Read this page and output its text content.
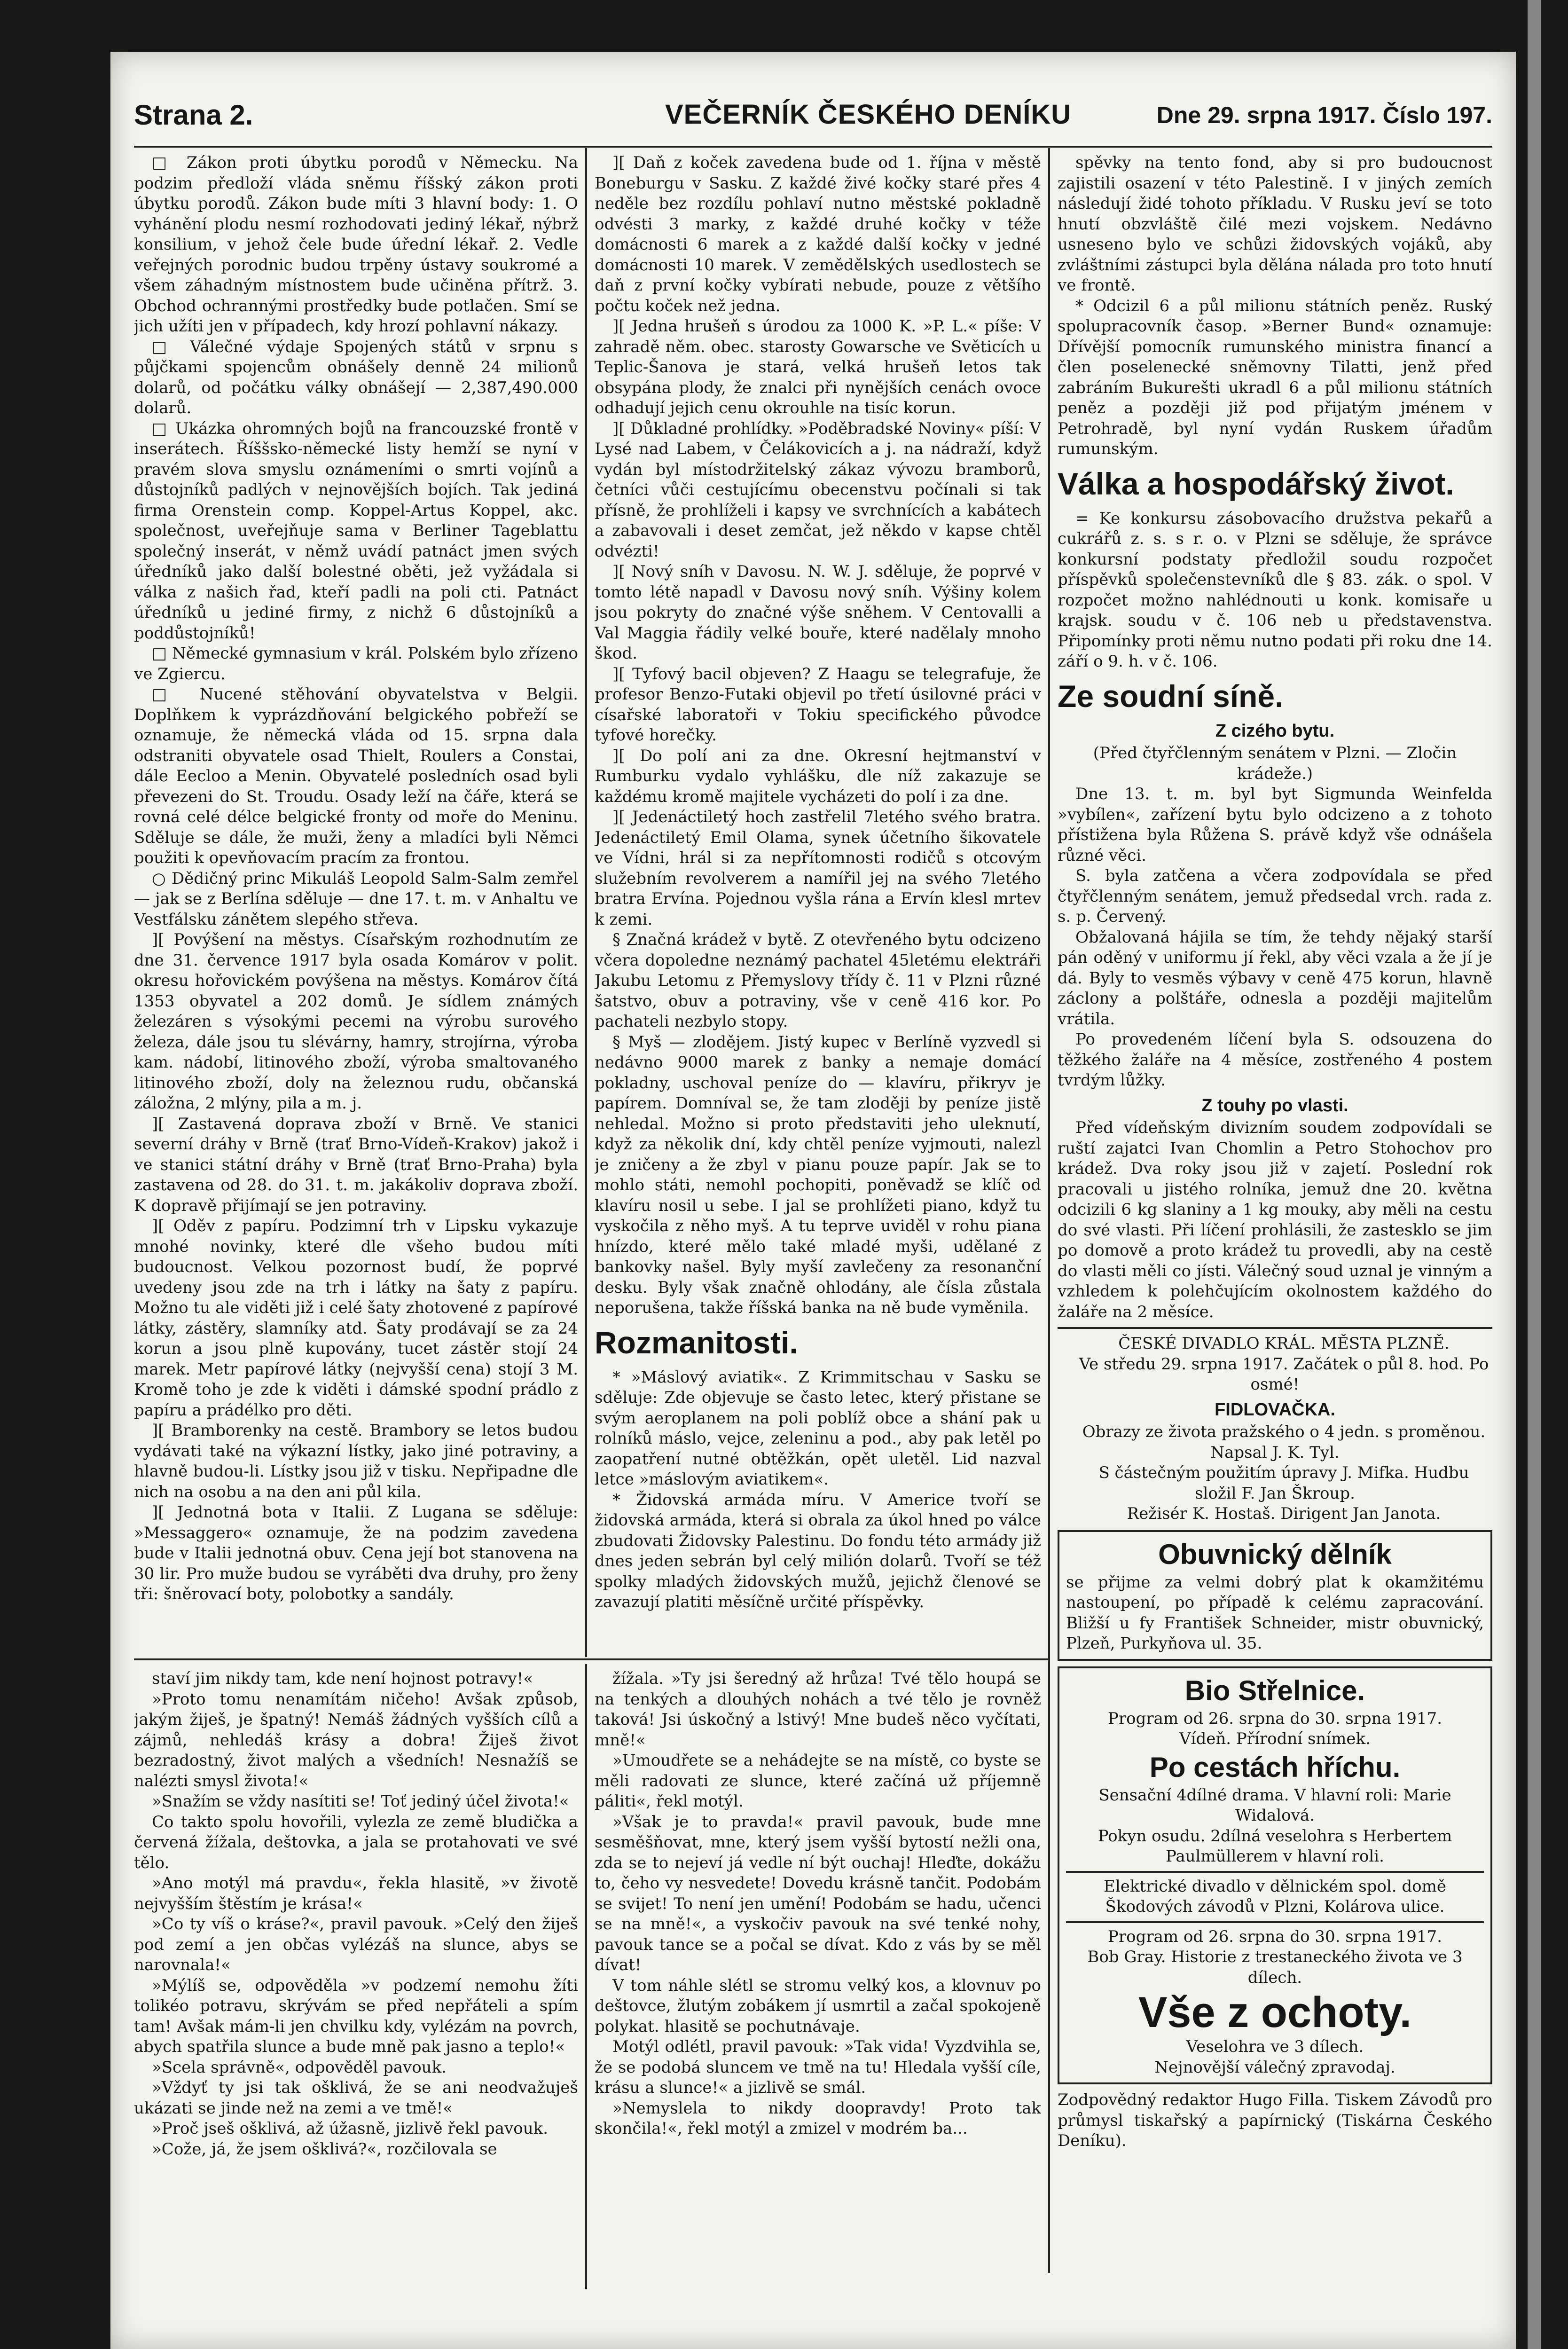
Strana 2.	VEČERNÍK ČESKÉHO DENÍKU	Dne 29. srpna 1917. Číslo 197.

□ Zákon proti úbytku porodů v Německu. Na podzim předloží vláda sněmu říšský zákon proti úbytku porodů. Zákon bude míti 3 hlavní body: 1. O vyhánění plodu nesmí rozhodovati jediný lékař, nýbrž konsilium, v jehož čele bude úřední lékař. 2. Vedle veřejných porodnic budou trpěny ústavy soukromé a všem záhadným místnostem bude učiněna přítrž. 3. Obchod ochrannými prostředky bude potlačen. Smí se jich užíti jen v případech, kdy hrozí pohlavní nákazy.

□ Válečné výdaje Spojených států v srpnu s půjčkami spojencům obnášely denně 24 milionů dolarů, od počátku války obnášejí — 2,387,490.000 dolarů.

□ Ukázka ohromných bojů na francouzské frontě v inserátech. Říššsko-německé listy hemží se nyní v pravém slova smyslu oznámeními o smrti vojínů a důstojníků padlých v nejnovějších bojích. Tak jediná firma Orenstein comp. Koppel-Artus Koppel, akc. společnost, uveřejňuje sama v Berliner Tageblattu společný inserát, v němž uvádí patnáct jmen svých úředníků jako další bolestné oběti, jež vyžádala si válka z našich řad, kteří padli na poli cti. Patnáct úředníků u jediné firmy, z nichž 6 důstojníků a poddůstojníků!

□ Německé gymnasium v král. Polském bylo zřízeno ve Zgiercu.

□ Nucené stěhování obyvatelstva v Belgii. Doplňkem k vyprázdňování belgického pobřeží se oznamuje, že německá vláda od 15. srpna dala odstraniti obyvatele osad Thielt, Roulers a Constai, dále Eecloo a Menin. Obyvatelé posledních osad byli převezeni do St. Troudu. Osady leží na čáře, která se rovná celé délce belgické fronty od moře do Meninu. Sděluje se dále, že muži, ženy a mladíci byli Němci použiti k opevňovacím pracím za frontou.

○ Dědičný princ Mikuláš Leopold Salm-Salm zemřel — jak se z Berlína sděluje — dne 17. t. m. v Anhaltu ve Vestfálsku zánětem slepého střeva.

][ Povýšení na městys. Císařským rozhodnutím ze dne 31. července 1917 byla osada Komárov v polit. okresu hořovickém povýšena na městys. Komárov čítá 1353 obyvatel a 202 domů. Je sídlem známých železáren s výsokými pecemi na výrobu surového železa, dále jsou tu slévárny, hamry, strojírna, výroba kam. nádobí, litinového zboží, výroba smaltovaného litinového zboží, doly na železnou rudu, občanská záložna, 2 mlýny, pila a m. j.

][ Zastavená doprava zboží v Brně. Ve stanici severní dráhy v Brně (trať Brno-Vídeň-Krakov) jakož i ve stanici státní dráhy v Brně (trať Brno-Praha) byla zastavena od 28. do 31. t. m. jakákoliv doprava zboží. K dopravě přijímají se jen potraviny.

][ Oděv z papíru. Podzimní trh v Lipsku vykazuje mnohé novinky, které dle všeho budou míti budoucnost. Velkou pozornost budí, že poprvé uvedeny jsou zde na trh i látky na šaty z papíru. Možno tu ale viděti již i celé šaty zhotovené z papírové látky, zástěry, slamníky atd. Šaty prodávají se za 24 korun a jsou plně kupovány, tucet zástěr stojí 24 marek. Metr papírové látky (nejvyšší cena) stojí 3 M. Kromě toho je zde k viděti i dámské spodní prádlo z papíru a prádélko pro děti.

][ Bramborenky na cestě. Brambory se letos budou vydávati také na výkazní lístky, jako jiné potraviny, a hlavně budou-li. Lístky jsou již v tisku. Nepřipadne dle nich na osobu a na den ani půl kila.

][ Jednotná bota v Italii. Z Lugana se sděluje: »Messaggero« oznamuje, že na podzim zavedena bude v Italii jednotná obuv. Cena její bot stanovena na 30 lir. Pro muže budou se vyráběti dva druhy, pro ženy tři: šněrovací boty, polobotky a sandály.

][ Daň z koček zavedena bude od 1. října v městě Boneburgu v Sasku. Z každé živé kočky staré přes 4 neděle bez rozdílu pohlaví nutno městské pokladně odvésti 3 marky, z každé druhé kočky v téže domácnosti 6 marek a z každé další kočky v jedné domácnosti 10 marek. V zemědělských usedlostech se daň z první kočky vybírati nebude, pouze z většího počtu koček než jedna.

][ Jedna hrušeň s úrodou za 1000 K. »P. L.« píše: V zahradě něm. obec. starosty Gowarsche ve Světicích u Teplic-Šanova je stará, velká hrušeň letos tak obsypána plody, že znalci při nynějších cenách ovoce odhadují jejich cenu okrouhle na tisíc korun.

][ Důkladné prohlídky. »Poděbradské Noviny« píší: V Lysé nad Labem, v Čelákovicích a j. na nádraží, když vydán byl místodržitelský zákaz vývozu bramborů, četníci vůči cestujícímu obecenstvu počínali si tak přísně, že prohlíželi i kapsy ve svrchnících a kabátech a zabavovali i deset zemčat, jež někdo v kapse chtěl odvézti!

][ Nový sníh v Davosu. N. W. J. sděluje, že poprvé v tomto létě napadl v Davosu nový sníh. Výšiny kolem jsou pokryty do značné výše sněhem. V Centovalli a Val Maggia řádily velké bouře, které nadělaly mnoho škod.

][ Tyfový bacil objeven? Z Haagu se telegrafuje, že profesor Benzo-Futaki objevil po třetí úsilovné práci v císařské laboratoři v Tokiu specifického původce tyfové horečky.

][ Do polí ani za dne. Okresní hejtmanství v Rumburku vydalo vyhlášku, dle níž zakazuje se každému kromě majitele vycházeti do polí i za dne.

][ Jedenáctiletý hoch zastřelil 7letého svého bratra. Jedenáctiletý Emil Olama, synek účetního šikovatele ve Vídni, hrál si za nepřítomnosti rodičů s otcovým služebním revolverem a namířil jej na svého 7letého bratra Ervína. Pojednou vyšla rána a Ervín klesl mrtev k zemi.

§ Značná krádež v bytě. Z otevřeného bytu odcizeno včera dopoledne neznámý pachatel 45letému elektráři Jakubu Letomu z Přemyslovy třídy č. 11 v Plzni různé šatstvo, obuv a potraviny, vše v ceně 416 kor. Po pachateli nezbylo stopy.

§ Myš — zlodějem. Jistý kupec v Berlíně vyzvedl si nedávno 9000 marek z banky a nemaje domácí pokladny, uschoval peníze do — klavíru, přikryv je papírem. Domníval se, že tam zloději by peníze jistě nehledal. Možno si proto představiti jeho uleknutí, když za několik dní, kdy chtěl peníze vyjmouti, nalezl je zničeny a že zbyl v pianu pouze papír. Jak se to mohlo státi, nemohl pochopiti, poněvadž se klíč od klavíru nosil u sebe. I jal se prohlížeti piano, když tu vyskočila z něho myš. A tu teprve uviděl v rohu piana hnízdo, které mělo také mladé myši, udělané z bankovky našel. Byly myší zavlečeny za resonanční desku. Byly však značně ohlodány, ale čísla zůstala neporušena, takže říšská banka na ně bude vyměnila.

Rozmanitosti.

* »Máslový aviatik«. Z Krimmitschau v Sasku se sděluje: Zde objevuje se často letec, který přistane se svým aeroplanem na poli poblíž obce a shání pak u rolníků máslo, vejce, zeleninu a pod., aby pak letěl po zaopatření nutné obtěžkán, opět uletěl. Lid nazval letce »máslovým aviatikem«.

* Židovská armáda míru. V Americe tvoří se židovská armáda, která si obrala za úkol hned po válce zbudovati Židovsky Palestinu. Do fondu této armády již dnes jeden sebrán byl celý milión dolarů. Tvoří se též spolky mladých židovských mužů, jejichž členové se zavazují platiti měsíčně určité příspěvky.

spěvky na tento fond, aby si pro budoucnost zajistili osazení v této Palestině. I v jiných zemích následují židé tohoto příkladu. V Rusku jeví se toto hnutí obzvláště čilé mezi vojskem. Nedávno usneseno bylo ve schůzi židovských vojáků, aby zvláštními zástupci byla dělána nálada pro toto hnutí ve frontě.

* Odcizil 6 a půl milionu státních peněz. Ruský spolupracovník časop. »Berner Bund« oznamuje: Dřívější pomocník rumunského ministra financí a člen poselenecké sněmovny Tilatti, jenž před zabráním Bukurešti ukradl 6 a půl milionu státních peněz a později již pod přijatým jménem v Petrohradě, byl nyní vydán Ruskem úřadům rumunským.

Válka a hospodářský život.

= Ke konkursu zásobovacího družstva pekařů a cukrářů z. s. s r. o. v Plzni se sděluje, že správce konkursní podstaty předložil soudu rozpočet příspěvků společenstevníků dle § 83. zák. o spol. V rozpočet možno nahlédnouti u konk. komisaře u krajsk. soudu v č. 106 neb u představenstva. Připomínky proti němu nutno podati při roku dne 14. září o 9. h. v č. 106.

Ze soudní síně.
Z cizého bytu.

(Před čtyřčlenným senátem v Plzni. — Zločin krádeže.)

Dne 13. t. m. byl byt Sigmunda Weinfelda »vybílen«, zařízení bytu bylo odcizeno a z tohoto přístižena byla Růžena S. právě když vše odnášela různé věci.

S. byla zatčena a včera zodpovídala se před čtyřčlenným senátem, jemuž předsedal vrch. rada z. s. p. Červený.

Obžalovaná hájila se tím, že tehdy nějaký starší pán oděný v uniformu jí řekl, aby věci vzala a že jí je dá. Byly to vesměs výbavy v ceně 475 korun, hlavně záclony a polštáře, odnesla a později majitelům vrátila.

Po provedeném líčení byla S. odsouzena do těžkého žaláře na 4 měsíce, zostřeného 4 postem tvrdým lůžky.

Z touhy po vlasti.

Před vídeňským divizním soudem zodpovídali se ruští zajatci Ivan Chomlin a Petro Stohochov pro krádež. Dva roky jsou již v zajetí. Poslední rok pracovali u jistého rolníka, jemuž dne 20. května odcizili 6 kg slaniny a 1 kg mouky, aby měli na cestu do své vlasti. Při líčení prohlásili, že zastesklo se jim po domově a proto krádež tu provedli, aby na cestě do vlasti měli co jísti. Válečný soud uznal je vinným a vzhledem k polehčujícím okolnostem každého do žaláře na 2 měsíce.

ČESKÉ DIVADLO KRÁL. MĚSTA PLZNĚ.

Ve středu 29. srpna 1917. Začátek o půl 8. hod. Po osmé!

FIDLOVAČKA.

Obrazy ze života pražského o 4 jedn. s proměnou. Napsal J. K. Tyl.

S částečným použitím úpravy J. Mifka. Hudbu složil F. Jan Škroup.

Režisér K. Hostaš. Dirigent Jan Janota.

Obuvnický dělník

se přijme za velmi dobrý plat k okamžitému nastoupení, po případě k celému zapracování. Bližší u fy František Schneider, mistr obuvnický, Plzeň, Purkyňova ul. 35.

Bio Střelnice.

Program od 26. srpna do 30. srpna 1917.

Vídeň. Přírodní snímek.

Po cestách hříchu.

Sensační 4dílné drama. V hlavní roli: Marie Widalová.

Pokyn osudu. 2dílná veselohra s Herbertem Paulmüllerem v hlavní roli.

Elektrické divadlo v dělnickém spol. domě Škodových závodů v Plzni, Kolárova ulice.

Program od 26. srpna do 30. srpna 1917.

Bob Gray. Historie z trestaneckého života ve 3 dílech.

Vše z ochoty.

Veselohra ve 3 dílech.

Nejnovější válečný zpravodaj.

Zodpovědný redaktor Hugo Filla. Tiskem Závodů pro průmysl tiskařský a papírnický (Tiskárna Českého Deníku).

staví jim nikdy tam, kde není hojnost potravy!«

»Proto tomu nenamítám ničeho! Avšak způsob, jakým žiješ, je špatný! Nemáš žádných vyšších cílů a zájmů, nehledáš krásy a dobra! Žiješ život bezradostný, život malých a všedních! Nesnažíš se nalézti smysl života!«

»Snažím se vždy nasítiti se! Toť jediný účel života!«

Co takto spolu hovořili, vylezla ze země bludička a červená žížala, deštovka, a jala se protahovati ve své tělo.

»Ano motýl má pravdu«, řekla hlasitě, »v životě nejvyšším štěstím je krása!«

»Co ty víš o kráse?«, pravil pavouk. »Celý den žiješ pod zemí a jen občas vylézáš na slunce, abys se narovnala!«

»Mýlíš se, odpověděla »v podzemí nemohu žíti tolikéo potravu, skrývám se před nepřáteli a spím tam! Avšak mám-li jen chvilku kdy, vylézám na povrch, abych spatřila slunce a bude mně pak jasno a teplo!«

»Scela správně«, odpověděl pavouk.

»Vždyť ty jsi tak ošklivá, že se ani neodvažuješ ukázati se jinde než na zemi a ve tmě!«

»Proč jseš ošklivá, až úžasně, jizlivě řekl pavouk.

»Cože, já, že jsem ošklivá?«, rozčilovala se

žížala. »Ty jsi šeredný až hrůza! Tvé tělo houpá se na tenkých a dlouhých nohách a tvé tělo je rovněž taková! Jsi úskočný a lstivý! Mne budeš něco vyčítati, mně!«

»Umoudřete se a nehádejte se na místě, co byste se měli radovati ze slunce, které začíná už příjemně páliti«, řekl motýl.

»Však je to pravda!« pravil pavouk, bude mne sesměšňovat, mne, který jsem vyšší bytostí nežli ona, zda se to nejeví já vedle ní být ouchaj! Hleďte, dokážu to, čeho vy nesvedete! Dovedu krásně tančit. Podobám se svijet! To není jen umění! Podobám se hadu, učenci se na mně!«, a vyskočiv pavouk na své tenké nohy, pavouk tance se a počal se dívat. Kdo z vás by se měl dívat!

V tom náhle slétl se stromu velký kos, a klovnuv po deštovce, žlutým zobákem jí usmrtil a začal spokojeně polykat. hlasitě se pochutnávaje.

Motýl odlétl, pravil pavouk: »Tak vida! Vyzdvihla se, že se podobá sluncem ve tmě na tu! Hledala vyšší cíle, krásu a slunce!« a jizlivě se smál.

»Nemyslela to nikdy doopravdy! Proto tak skončila!«, řekl motýl a zmizel v modrém ba...
